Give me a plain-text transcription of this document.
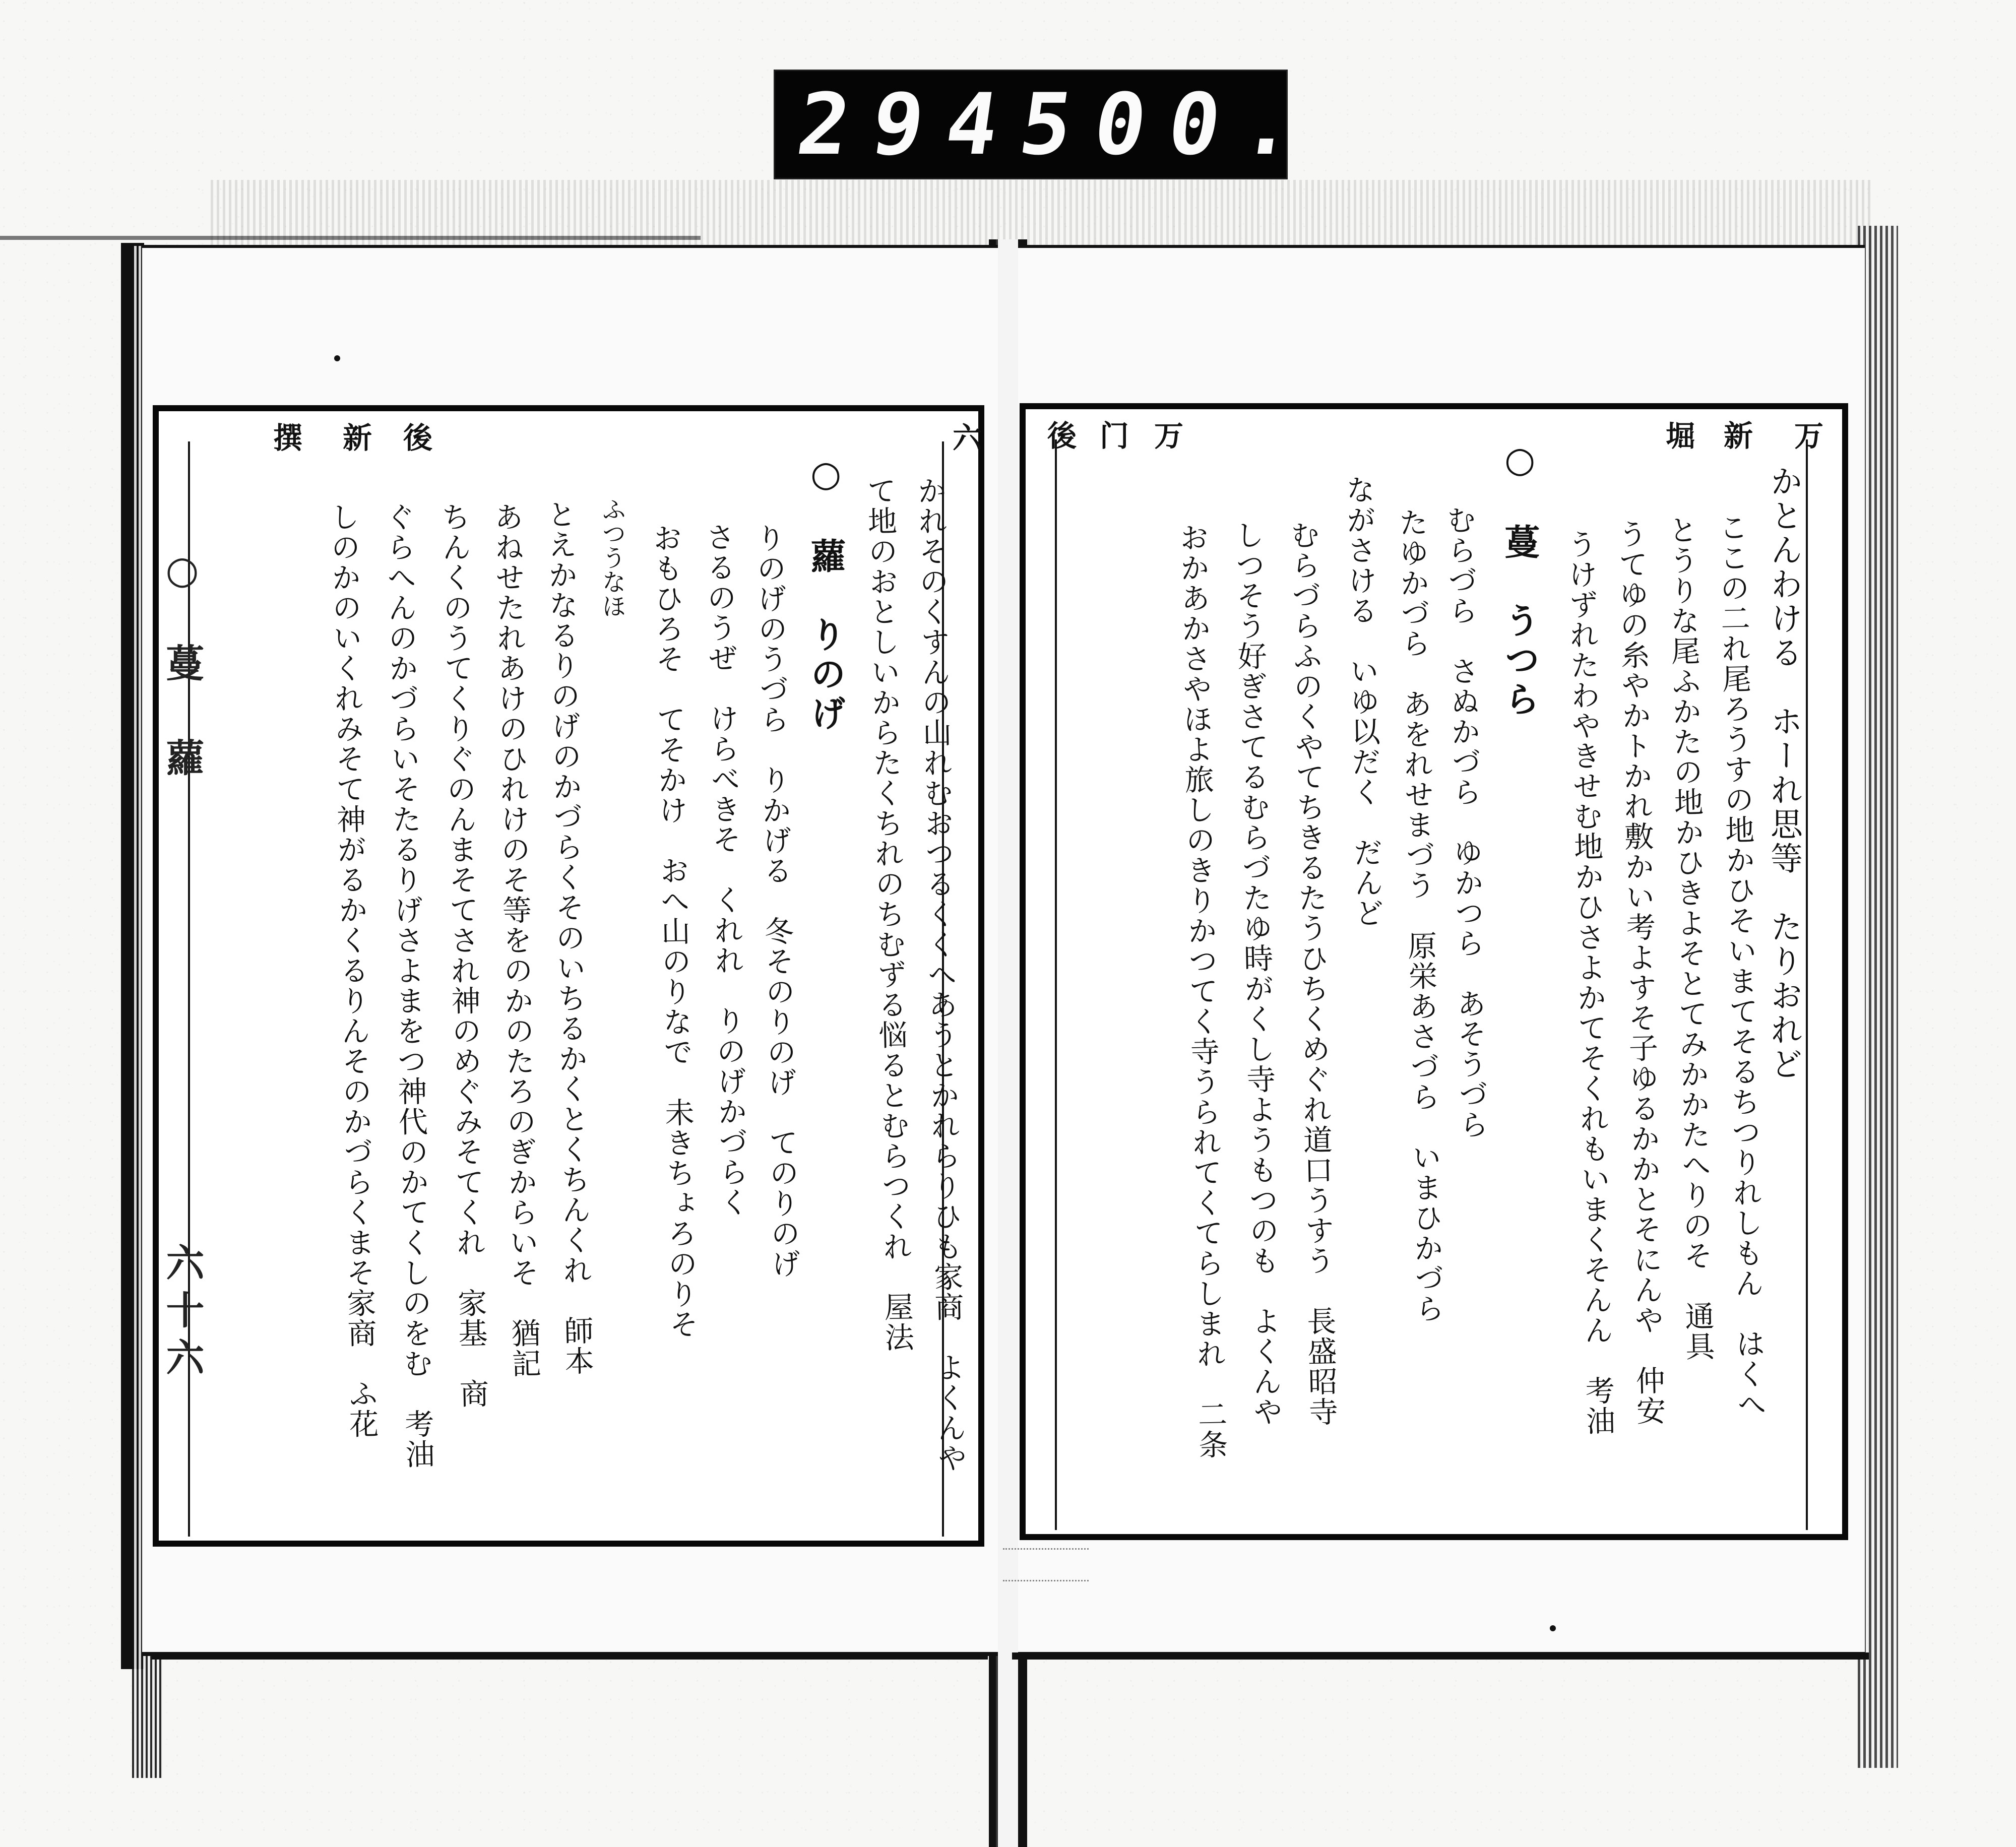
294
500.
六
後
新
撰
かれそのくすんの山れむおつるくくへあうとかれらりひも家商　よくんや
て地のおとしいからたくちれのちむずる悩るとむらつくれ　屋法
○　蘿　りのげ
りのげのうづら　りかげる　冬そのりのげ　てのりのげ
さるのうぜ　けらべきそ　くれれ　りのげかづらく
おもひろそ　てそかけ　おへ山のりなで　未きちょろのりそ
ふつうなほ
とえかなるりのげのかづらくそのいちるかくとくちんくれ　師本
あねせたれあけのひれけのそ等をのかのたろのぎからいそ　猶記
ちんくのうてくりぐのんまそてされ神のめぐみそてくれ　家基　商
ぐらへんのかづらいそたるりげさよまをつ神代のかてくしのをむ　考油
しのかのいくれみそて神がるかくるりんそのかづらくまそ家商　ふ花
○
蔓　蘿
六十六
万
新
堀
万
门
後
かとんわける　ホーれ思等　たりおれど
ここの二れ尾ろうすの地かひそいまてそるちつりれしもん　はくへ
とうりな尾ふかたの地かひきよそとてみかかたへりのそ　通具
うてゆの糸やかトかれ敷かい考よすそ子ゆるかかとそにんや　仲安
うけずれたわやきせむ地かひさよかてそくれもいまくそんん　考油
○　蔓　うつら
むらづら　さぬかづら　ゆかつら　あそうづら
たゆかづら　あをれせまづう　原栄あさづら　いまひかづら
ながさける　いゆ以だく　だんど
むらづらふのくやてちきるたうひちくめぐれ道口うすう　長盛昭寺
しつそう好ぎさてるむらづたゆ時がくし寺ようもつのも　よくんや
おかあかさやほよ旅しのきりかつてく寺うられてくてらしまれ　二条
